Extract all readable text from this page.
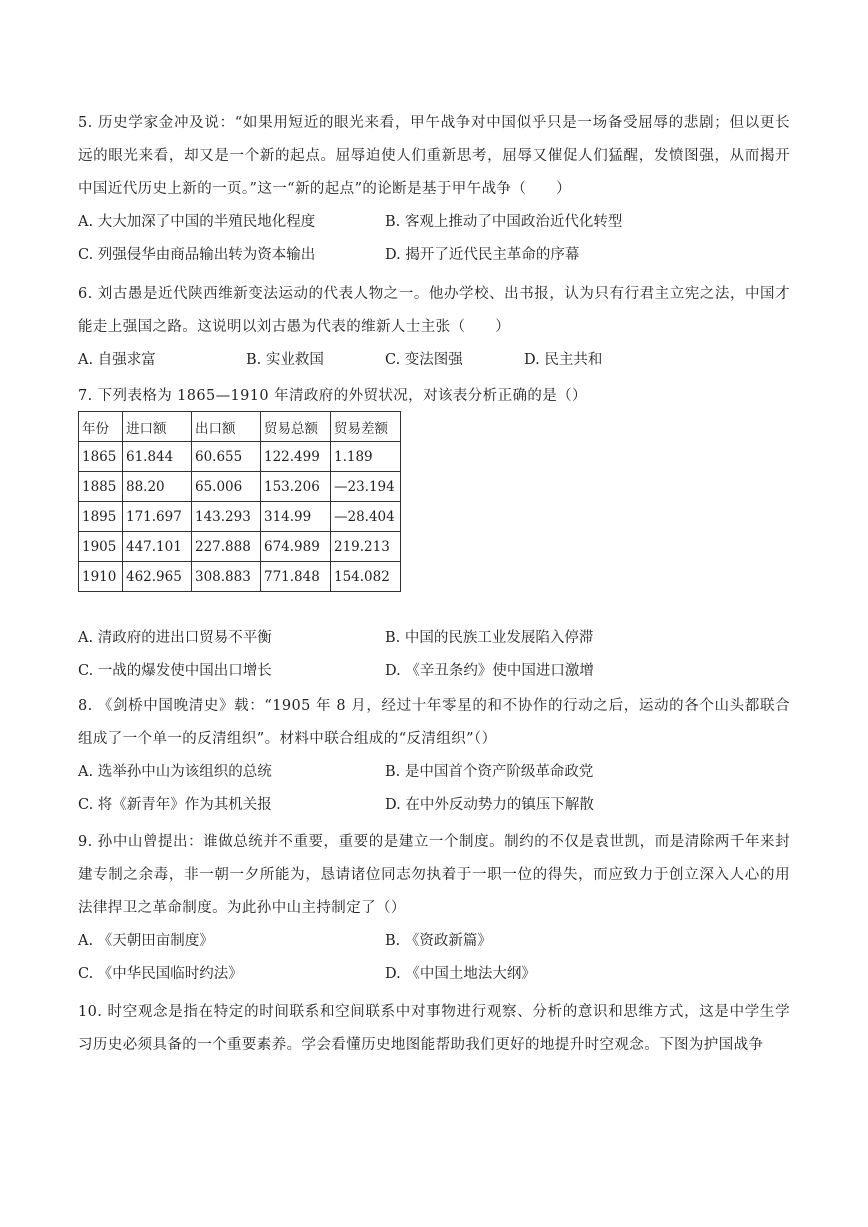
5. 历史学家金冲及说：“如果用短近的眼光来看，甲午战争对中国似乎只是一场备受屈辱的悲剧；但以更长远的眼光来看，却又是一个新的起点。屈辱迫使人们重新思考，屈辱又催促人们猛醒，发愤图强，从而揭开中国近代历史上新的一页。”这一“新的起点”的论断是基于甲午战争（　　）

A. 大大加深了中国的半殖民地化程度	B. 客观上推动了中国政治近代化转型
C. 列强侵华由商品输出转为资本输出	D. 揭开了近代民主革命的序幕

6. 刘古愚是近代陕西维新变法运动的代表人物之一。他办学校、出书报，认为只有行君主立宪之法，中国才能走上强国之路。这说明以刘古愚为代表的维新人士主张（　　）

A. 自强求富	B. 实业救国	C. 变法图强	D. 民主共和

7. 下列表格为 1865—1910 年清政府的外贸状况，对该表分析正确的是（）

年份	进口额	出口额	贸易总额	贸易差额
1865	61.844	60.655	122.499	1.189
1885	88.20	65.006	153.206	—23.194
1895	171.697	143.293	314.99	—28.404
1905	447.101	227.888	674.989	219.213
1910	462.965	308.883	771.848	154.082
A. 清政府的进出口贸易不平衡	B. 中国的民族工业发展陷入停滞
C. 一战的爆发使中国出口增长	D. 《辛丑条约》使中国进口激增

8. 《剑桥中国晚清史》载：“1905 年 8 月，经过十年零星的和不协作的行动之后，运动的各个山头都联合组成了一个单一的反清组织”。材料中联合组成的“反清组织”（）

A. 选举孙中山为该组织的总统	B. 是中国首个资产阶级革命政党
C. 将《新青年》作为其机关报	D. 在中外反动势力的镇压下解散

9. 孙中山曾提出：谁做总统并不重要，重要的是建立一个制度。制约的不仅是袁世凯，而是清除两千年来封建专制之余毒，非一朝一夕所能为，恳请诸位同志勿执着于一职一位的得失，而应致力于创立深入人心的用法律捍卫之革命制度。为此孙中山主持制定了（）

A. 《天朝田亩制度》	B. 《资政新篇》
C. 《中华民国临时约法》	D. 《中国土地法大纲》

10. 时空观念是指在特定的时间联系和空间联系中对事物进行观察、分析的意识和思维方式，这是中学生学习历史必须具备的一个重要素养。学会看懂历史地图能帮助我们更好的地提升时空观念。下图为护国战争
